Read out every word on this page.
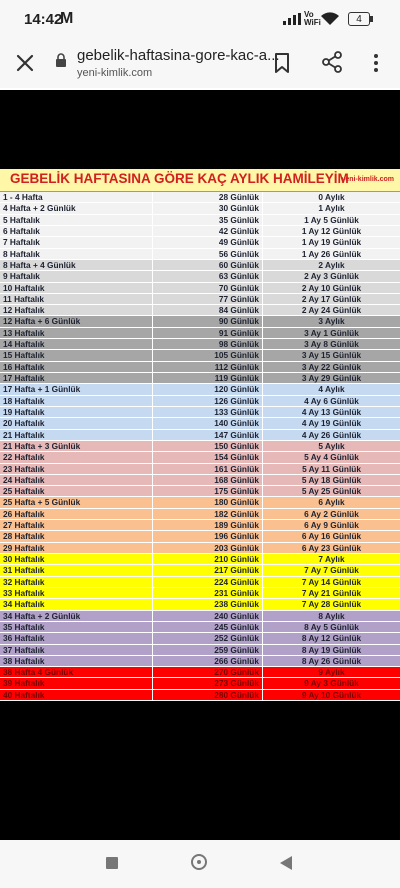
14:42
M	Vo
WiFi	4
gebelik-haftasina-gore-kac-a...
yeni-kimlik.com
GEBELİK HAFTASINA GÖRE KAÇ AYLIK HAMİLEYİM
yeni-kimlik.com
1 - 4 Hafta	28 Günlük	0 Aylık
4 Hafta + 2 Günlük	30 Günlük	1 Aylık
5 Haftalık	35 Günlük	1 Ay 5 Günlük
6 Haftalık	42 Günlük	1 Ay 12 Günlük
7 Haftalık	49 Günlük	1 Ay 19 Günlük
8 Haftalık	56 Günlük	1 Ay 26 Günlük
8 Hafta + 4 Günlük	60 Günlük	2 Aylık
9 Haftalık	63 Günlük	2 Ay 3 Günlük
10 Haftalık	70 Günlük	2 Ay 10 Günlük
11 Haftalık	77 Günlük	2 Ay 17 Günlük
12 Haftalık	84 Günlük	2 Ay 24 Günlük
12 Hafta + 6 Günlük	90 Günlük	3 Aylık
13 Haftalık	91 Günlük	3 Ay 1 Günlük
14 Haftalık	98 Günlük	3 Ay 8 Günlük
15 Haftalık	105 Günlük	3 Ay 15 Günlük
16 Haftalık	112 Günlük	3 Ay 22 Günlük
17 Haftalık	119 Günlük	3 Ay 29 Günlük
17 Hafta + 1 Günlük	120 Günlük	4 Aylık
18 Haftalık	126 Günlük	4 Ay 6 Günlük
19 Haftalık	133 Günlük	4 Ay 13 Günlük
20 Haftalık	140 Günlük	4 Ay 19 Günlük
21 Haftalık	147 Günlük	4 Ay 26 Günlük
21 Hafta + 3 Günlük	150 Günlük	5 Aylık
22 Haftalık	154 Günlük	5 Ay 4 Günlük
23 Haftalık	161 Günlük	5 Ay 11 Günlük
24 Haftalık	168 Günlük	5 Ay 18 Günlük
25 Haftalık	175 Günlük	5 Ay 25 Günlük
25 Hafta + 5 Günlük	180 Günlük	6 Aylık
26 Haftalık	182 Günlük	6 Ay 2 Günlük
27 Haftalık	189 Günlük	6 Ay 9 Günlük
28 Haftalık	196 Günlük	6 Ay 16 Günlük
29 Haftalık	203 Günlük	6 Ay 23 Günlük
30 Haftalık	210 Günlük	7 Aylık
31 Haftalık	217 Günlük	7 Ay 7 Günlük
32 Haftalık	224 Günlük	7 Ay 14 Günlük
33 Haftalık	231 Günlük	7 Ay 21 Günlük
34 Haftalık	238 Günlük	7 Ay 28 Günlük
34 Hafta + 2 Günlük	240 Günlük	8 Aylık
35 Haftalık	245 Günlük	8 Ay 5 Günlük
36 Haftalık	252 Günlük	8 Ay 12 Günlük
37 Haftalık	259 Günlük	8 Ay 19 Günlük
38 Haftalık	266 Günlük	8 Ay 26 Günlük
38 Hafta 4 Günlük	270 Günlük	9 Aylık
39 Haftalık	273 Günlük	9 Ay 3 Günlük
40 Haftalık	280 Günlük	9 Ay 10 Günlük
